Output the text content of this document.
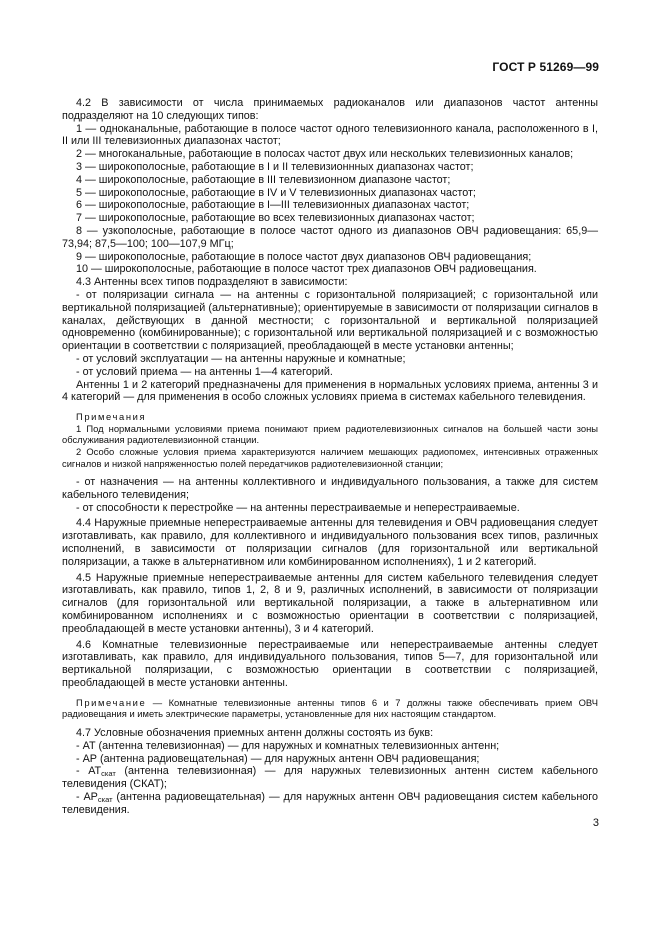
ГОСТ Р 51269—99

4.2 В зависимости от числа принимаемых радиоканалов или диапазонов частот антенны подразделяют на 10 следующих типов:

1 — одноканальные, работающие в полосе частот одного телевизионного канала, расположенного в I, II или III телевизионных диапазонах частот;

2 — многоканальные, работающие в полосах частот двух или нескольких телевизионных каналов;

3 — широкополосные, работающие в I и II телевизионнных диапазонах частот;

4 — широкополосные, работающие в III телевизионном диапазоне частот;

5 — широкополосные, работающие в IV и V телевизионных диапазонах частот;

6 — широкополосные, работающие в I—III телевизионных диапазонах частот;

7 — широкополосные, работающие во всех телевизионных диапазонах частот;

8 — узкополосные, работающие в полосе частот одного из диапазонов ОВЧ радиовещания: 65,9—73,94; 87,5—100; 100—107,9 МГц;

9 — широкополосные, работающие в полосе частот двух диапазонов ОВЧ радиовещания;

10 — широкополосные, работающие в полосе частот трех диапазонов ОВЧ радиовещания.

4.3 Антенны всех типов подразделяют в зависимости:

- от поляризации сигнала — на антенны с горизонтальной поляризацией; с горизонтальной или вертикальной поляризацией (альтернативные); ориентируемые в зависимости от поляризации сигналов в каналах, действующих в данной местности; с горизонтальной и вертикальной поляризацией одновременно (комбинированные); с горизонтальной или вертикальной поляризацией и с возможностью ориентации в соответствии с поляризацией, преобладающей в месте установки антенны;

- от условий эксплуатации — на антенны наружные и комнатные;

- от условий приема — на антенны 1—4 категорий.

Антенны 1 и 2 категорий предназначены для применения в нормальных условиях приема, антенны 3 и 4 категорий — для применения в особо сложных условиях приема в системах кабельного телевидения.

Примечания

1 Под нормальными условиями приема понимают прием радиотелевизионных сигналов на большей части зоны обслуживания радиотелевизионной станции.

2 Особо сложные условия приема характеризуются наличием мешающих радиопомех, интенсивных отраженных сигналов и низкой напряженностью полей передатчиков радиотелевизионной станции;

- от назначения — на антенны коллективного и индивидуального пользования, а также для систем кабельного телевидения;

- от способности к перестройке — на антенны перестраиваемые и неперестраиваемые.

4.4 Наружные приемные неперестраиваемые антенны для телевидения и ОВЧ радиовещания следует изготавливать, как правило, для коллективного и индивидуального пользования всех типов, различных исполнений, в зависимости от поляризации сигналов (для горизонтальной или вертикальной поляризации, а также в альтернативном или комбинированном исполнениях), 1 и 2 категорий.

4.5 Наружные приемные неперестраиваемые антенны для систем кабельного телевидения следует изготавливать, как правило, типов 1, 2, 8 и 9, различных исполнений, в зависимости от поляризации сигналов (для горизонтальной или вертикальной поляризации, а также в альтернативном или комбинированном исполнениях и с возможностью ориентации в соответствии с поляризацией, преобладающей в месте установки антенны), 3 и 4 категорий.

4.6 Комнатные телевизионные перестраиваемые или неперестраиваемые антенны следует изготавливать, как правило, для индивидуального пользования, типов 5—7, для горизонтальной или вертикальной поляризации, с возможностью ориентации в соответствии с поляризацией, преобладающей в месте установки антенны.

Примечание — Комнатные телевизионные антенны типов 6 и 7 должны также обеспечивать прием ОВЧ радиовещания и иметь электрические параметры, установленные для них настоящим стандартом.

4.7 Условные обозначения приемных антенн должны состоять из букв:

- АТ (антенна телевизионная) — для наружных и комнатных телевизионных антенн;

- АР (антенна радиовещательная) — для наружных антенн ОВЧ радиовещания;

- $АТ_{скат}$ (антенна телевизионная) — для наружных телевизионных антенн систем кабельного телевидения (СКАТ);

- $АР_{скат}$ (антенна радиовещательная) — для наружных антенн ОВЧ радиовещания систем кабельного телевидения.

3
